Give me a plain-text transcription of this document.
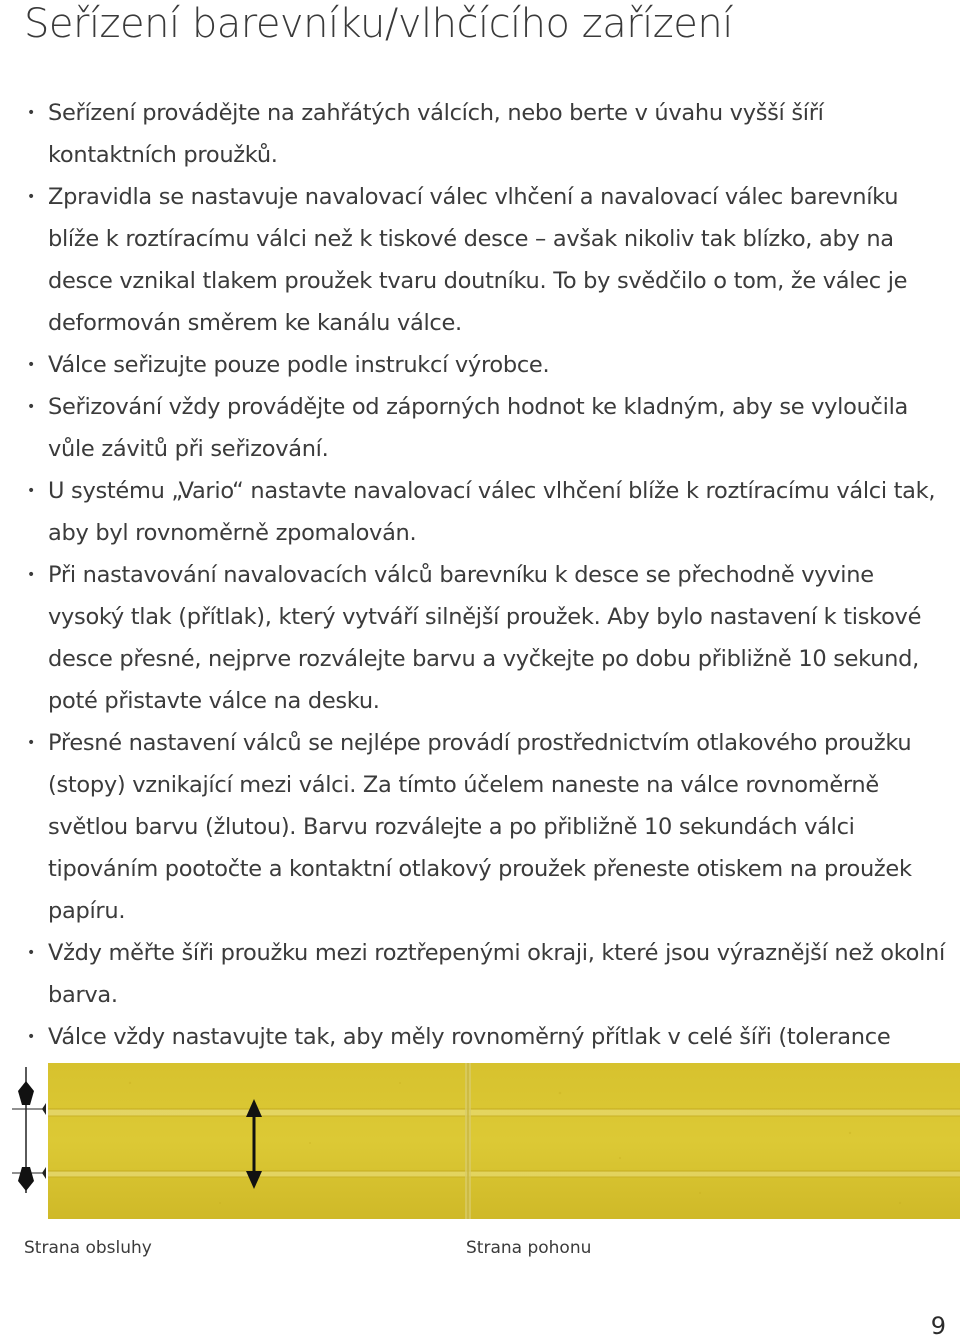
Seřízení barevníku/vlhčícího zařízení
• Seřízení provádějte na zahřátých válcích, nebo berte v úvahu vyšší šíří kontaktních proužků.
• Zpravidla se nastavuje navalovací válec vlhčení a navalovací válec barevníku blíže k roztíracímu válci než k tiskové desce – avšak nikoliv tak blízko, aby na desce vznikal tlakem proužek tvaru doutníku. To by svědčilo o tom, že válec je deformován směrem ke kanálu válce.
• Válce seřizujte pouze podle instrukcí výrobce.
• Seřizování vždy provádějte od záporných hodnot ke kladným, aby se vyloučila vůle závitů při seřizování.
• U systému „Vario“ nastavte navalovací válec vlhčení blíže k roztíracímu válci tak, aby byl rovnoměrně zpomalován.
• Při nastavování navalovacích válců barevníku k desce se přechodně vyvine vysoký tlak (přítlak), který vytváří silnější proužek. Aby bylo nastavení k tiskové desce přesné, nejprve rozválejte barvu a vyčkejte po dobu přibližně 10 sekund, poté přistavte válce na desku.
• Přesné nastavení válců se nejlépe provádí prostřednictvím otlakového proužku (stopy) vznikající mezi válci. Za tímto účelem naneste na válce rovnoměrně světlou barvu (žlutou). Barvu rozválejte a po přibližně 10 sekundách válci tipováním pootočte a kontaktní otlakový proužek přeneste otiskem na proužek papíru.
• Vždy měřte šíři proužku mezi roztřepenými okraji, které jsou výraznější než okolní barva.
• Válce vždy nastavujte tak, aby měly rovnoměrný přítlak v celé šíři (tolerance

Strana obsluhy	Strana pohonu
9
